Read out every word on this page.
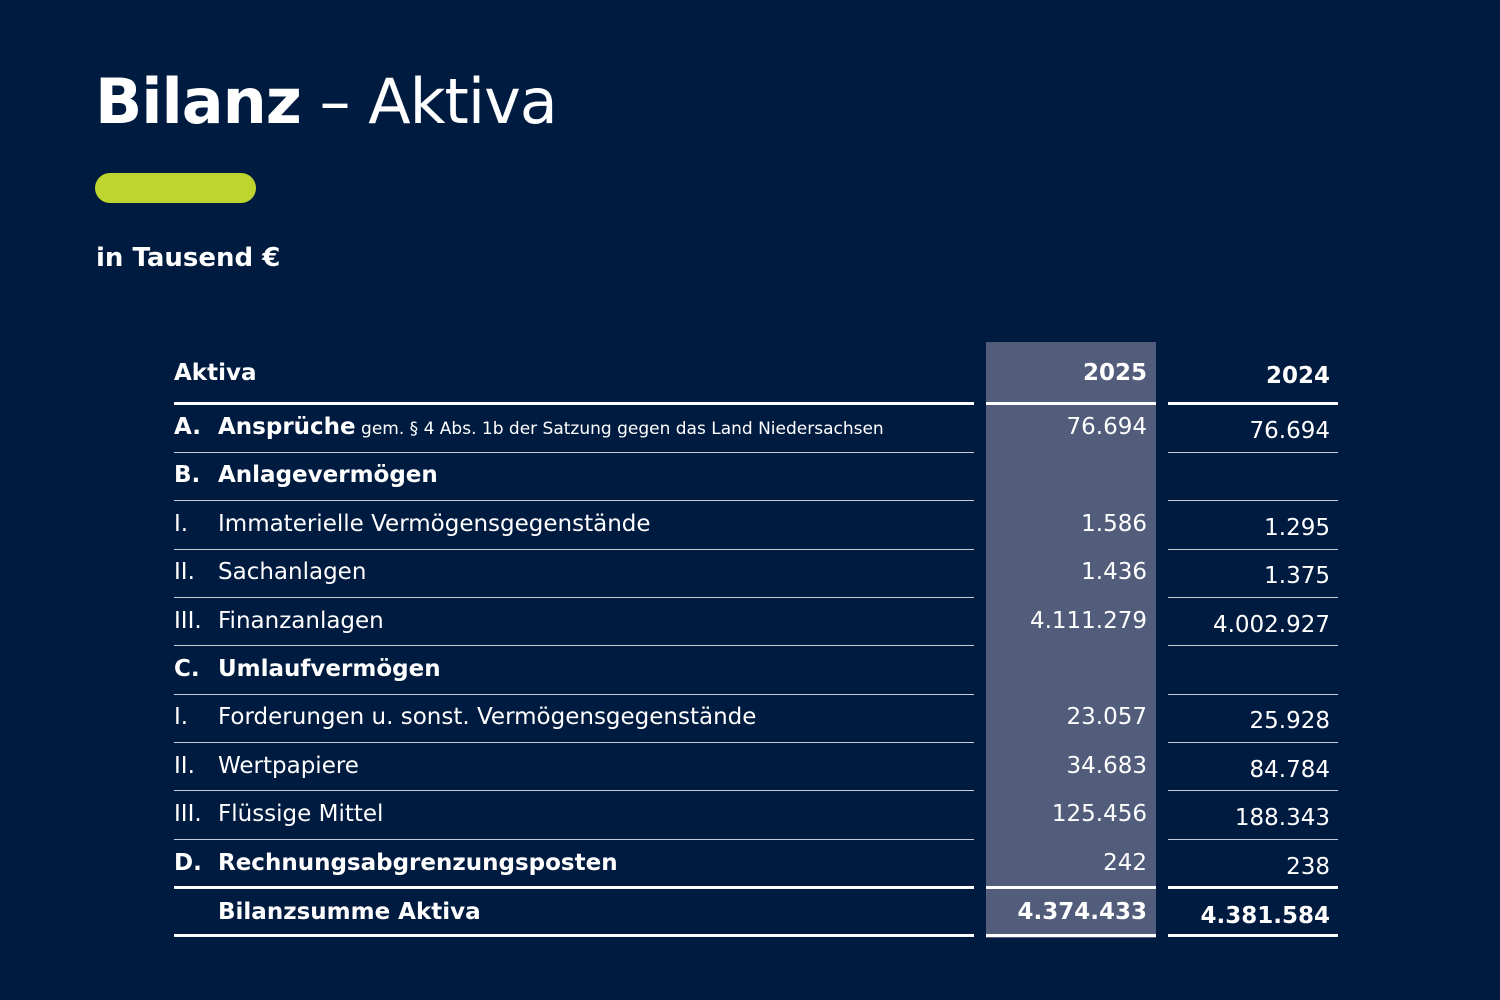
Bilanz – Aktiva
in Tausend €
Aktiva	2025	2024
A. Ansprüche gem. § 4 Abs. 1b der Satzung gegen das Land Niedersachsen	76.694	76.694
B. Anlagevermögen
I. Immaterielle Vermögensgegenstände	1.586	1.295
II. Sachanlagen	1.436	1.375
III. Finanzanlagen	4.111.279	4.002.927
C. Umlaufvermögen
I. Forderungen u. sonst. Vermögensgegenstände	23.057	25.928
II. Wertpapiere	34.683	84.784
III. Flüssige Mittel	125.456	188.343
D. Rechnungsabgrenzungsposten	242	238
Bilanzsumme Aktiva	4.374.433 4.381.584
